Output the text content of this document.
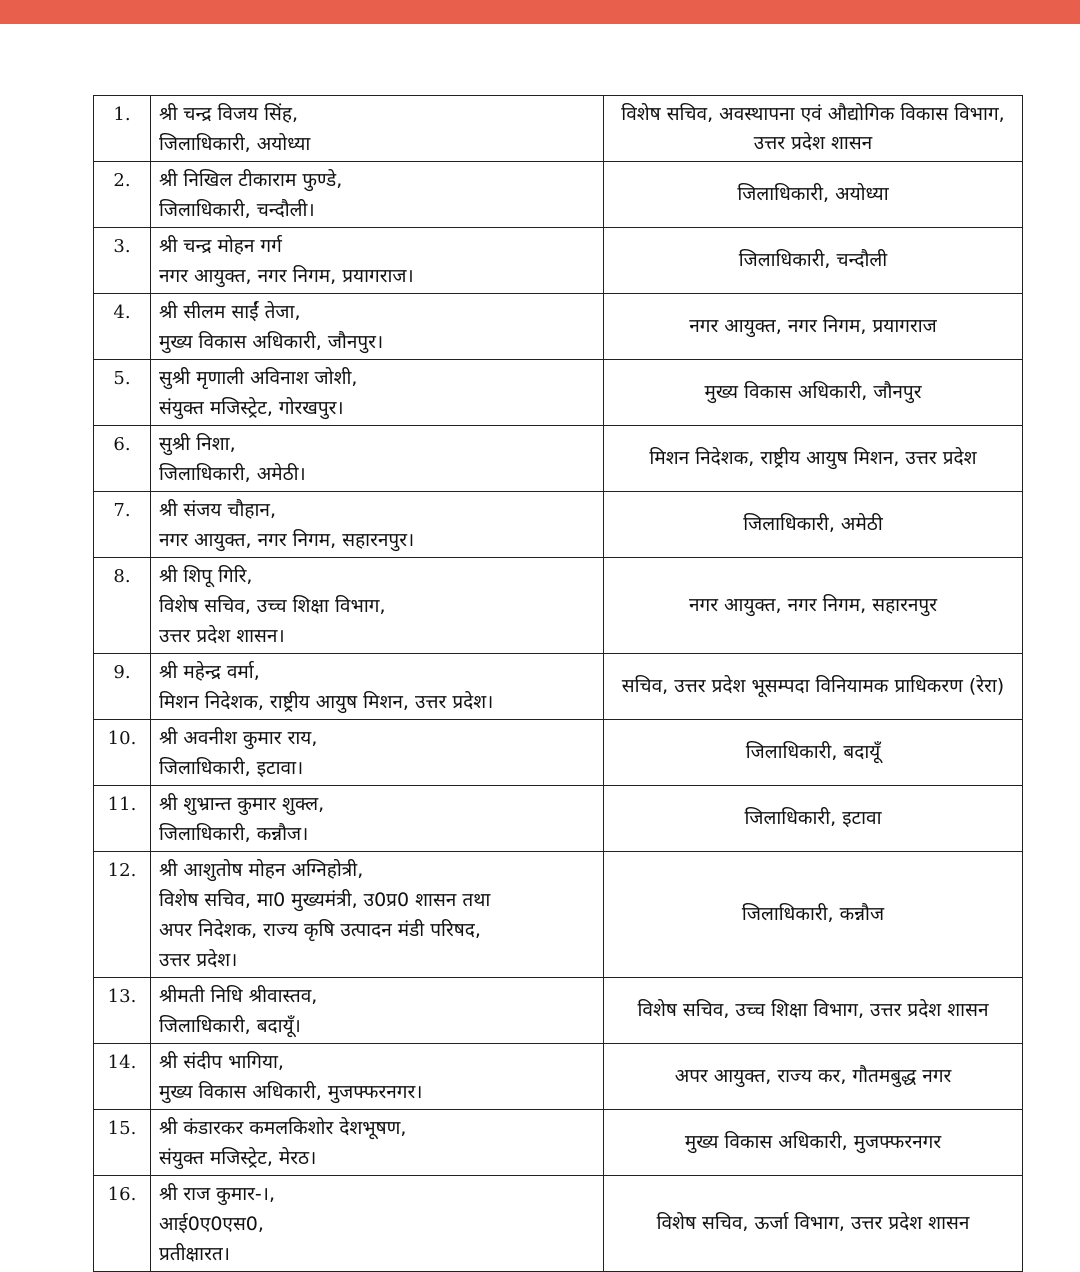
1.	श्री चन्द्र विजय सिंह,
जिलाधिकारी, अयोध्या	विशेष सचिव, अवस्थापना एवं औद्योगिक विकास विभाग, उत्तर प्रदेश शासन

2.	श्री निखिल टीकाराम फुण्डे,
जिलाधिकारी, चन्दौली।	जिलाधिकारी, अयोध्या

3.	श्री चन्द्र मोहन गर्ग
नगर आयुक्त, नगर निगम, प्रयागराज।	जिलाधिकारी, चन्दौली

4.	श्री सीलम साईं तेजा,
मुख्य विकास अधिकारी, जौनपुर।	नगर आयुक्त, नगर निगम, प्रयागराज

5.	सुश्री मृणाली अविनाश जोशी,
संयुक्त मजिस्ट्रेट, गोरखपुर।	मुख्य विकास अधिकारी, जौनपुर

6.	सुश्री निशा,
जिलाधिकारी, अमेठी।	मिशन निदेशक, राष्ट्रीय आयुष मिशन, उत्तर प्रदेश

7.	श्री संजय चौहान,
नगर आयुक्त, नगर निगम, सहारनपुर।	जिलाधिकारी, अमेठी

8.	श्री शिपू गिरि,
विशेष सचिव, उच्च शिक्षा विभाग,
उत्तर प्रदेश शासन।	नगर आयुक्त, नगर निगम, सहारनपुर

9.	श्री महेन्द्र वर्मा,
मिशन निदेशक, राष्ट्रीय आयुष मिशन, उत्तर प्रदेश।	सचिव, उत्तर प्रदेश भूसम्पदा विनियामक प्राधिकरण (रेरा)

10.	श्री अवनीश कुमार राय,
जिलाधिकारी, इटावा।	जिलाधिकारी, बदायूँ

11.	श्री शुभ्रान्त कुमार शुक्ल,
जिलाधिकारी, कन्नौज।	जिलाधिकारी, इटावा

12.	श्री आशुतोष मोहन अग्निहोत्री,
विशेष सचिव, मा0 मुख्यमंत्री, उ0प्र0 शासन तथा
अपर निदेशक, राज्य कृषि उत्पादन मंडी परिषद,
उत्तर प्रदेश।	जिलाधिकारी, कन्नौज

13.	श्रीमती निधि श्रीवास्तव,
जिलाधिकारी, बदायूँ।	विशेष सचिव, उच्च शिक्षा विभाग, उत्तर प्रदेश शासन

14.	श्री संदीप भागिया,
मुख्य विकास अधिकारी, मुजफ्फरनगर।	अपर आयुक्त, राज्य कर, गौतमबुद्ध नगर

15.	श्री कंडारकर कमलकिशोर देशभूषण,
संयुक्त मजिस्ट्रेट, मेरठ।	मुख्य विकास अधिकारी, मुजफ्फरनगर

16.	श्री राज कुमार-।,
आई0ए0एस0,
प्रतीक्षारत।	विशेष सचिव, ऊर्जा विभाग, उत्तर प्रदेश शासन
